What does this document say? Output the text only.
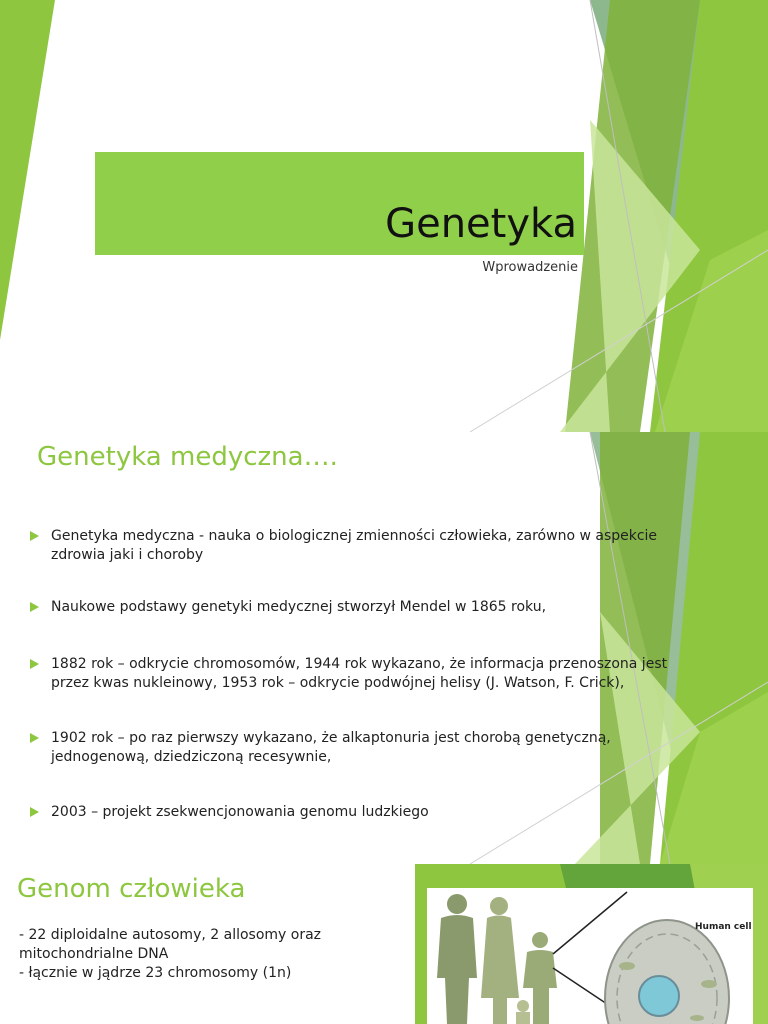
Genetyka
Wprowadzenie
Genetyka medyczna….
Genetyka medyczna - nauka o biologicznej zmienności człowieka, zarówno w aspekcie zdrowia jaki i choroby
Naukowe podstawy genetyki medycznej stworzył Mendel w 1865 roku,
1882 rok – odkrycie chromosomów, 1944 rok wykazano, że informacja przenoszona jest przez kwas nukleinowy, 1953 rok – odkrycie podwójnej helisy (J. Watson, F. Crick),
1902 rok – po raz pierwszy wykazano, że alkaptonuria jest chorobą genetyczną, jednogenową, dziedziczoną recesywnie,
2003 – projekt zsekwencjonowania genomu ludzkiego
Genom człowieka
- 22 diploidalne autosomy, 2 allosomy oraz mitochondrialne DNA
- łącznie w jądrze 23 chromosomy (1n)
Human cell
